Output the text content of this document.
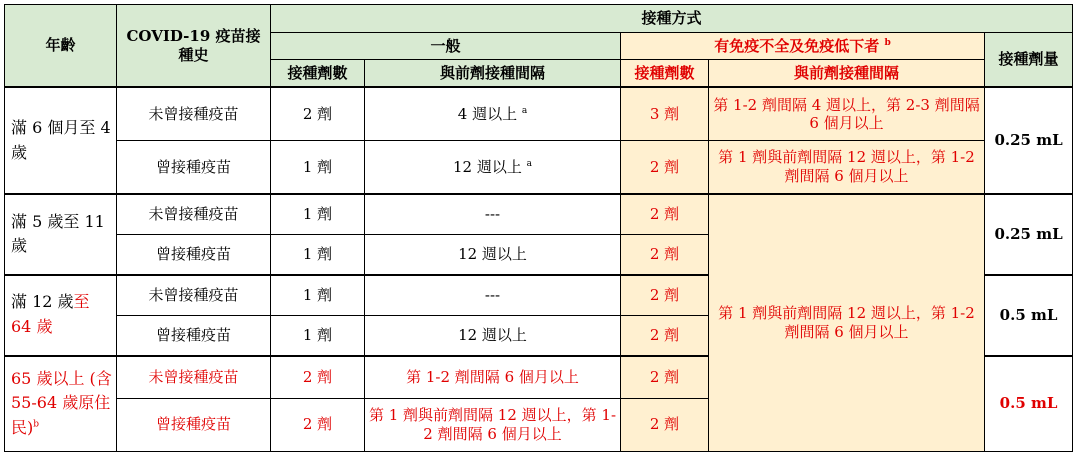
年齡	COVID-19 疫苗接種史	接種方式				
		一般		有免疫不全及免疫低下者 $^b$		接種劑量
		接種劑數	與前劑接種間隔	接種劑數	與前劑接種間隔	
滿 6 個月至 4 歲	未曾接種疫苗	2 劑	4 週以上 $^a$	3 劑	第 1-2 劑間隔 4 週以上，第 2-3 劑間隔 6 個月以上	0.25 mL
	曾接種疫苗	1 劑	12 週以上 $^a$	2 劑	第 1 劑與前劑間隔 12 週以上，第 1-2 劑間隔 6 個月以上	
滿 5 歲至 11 歲	未曾接種疫苗	1 劑	---	2 劑	第 1 劑與前劑間隔 12 週以上，第 1-2 劑間隔 6 個月以上	0.25 mL
	曾接種疫苗	1 劑	12 週以上	2 劑		
滿 12 歲至 64 歲	未曾接種疫苗	1 劑	---	2 劑		0.5 mL
	曾接種疫苗	1 劑	12 週以上	2 劑		
65 歲以上 (含 55-64 歲原住民)$^b$	未曾接種疫苗	2 劑	第 1-2 劑間隔 6 個月以上	2 劑		0.5 mL
	曾接種疫苗	2 劑	第 1 劑與前劑間隔 12 週以上，第 1-2 劑間隔 6 個月以上	2 劑		
